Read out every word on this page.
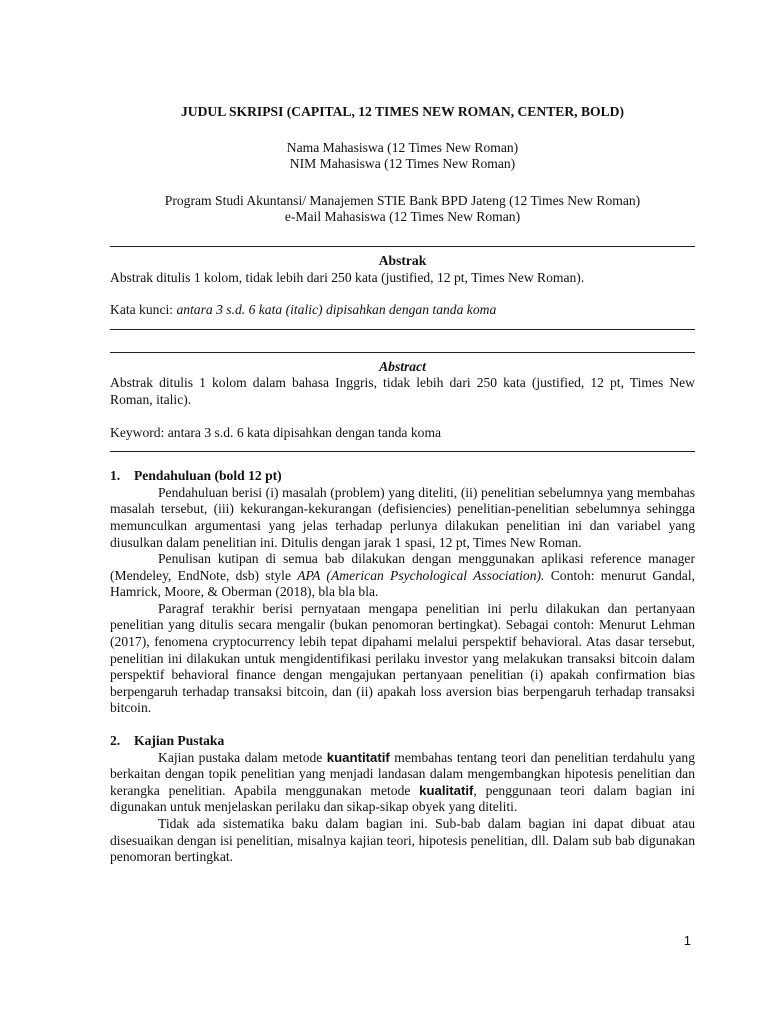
JUDUL SKRIPSI (CAPITAL, 12 TIMES NEW ROMAN, CENTER, BOLD)

Nama Mahasiswa (12 Times New Roman)

NIM Mahasiswa (12 Times New Roman)

Program Studi Akuntansi/ Manajemen STIE Bank BPD Jateng (12 Times New Roman)

e-Mail Mahasiswa (12 Times New Roman)

Abstrak

Abstrak ditulis 1 kolom, tidak lebih dari 250 kata (justified, 12 pt, Times New Roman).

Kata kunci: antara 3 s.d. 6 kata (italic) dipisahkan dengan tanda koma

Abstract

Abstrak ditulis 1 kolom dalam bahasa Inggris, tidak lebih dari 250 kata (justified, 12 pt, Times New Roman, italic).

Keyword: antara 3 s.d. 6 kata dipisahkan dengan tanda koma

1. Pendahuluan (bold 12 pt)

Pendahuluan berisi (i) masalah (problem) yang diteliti, (ii) penelitian sebelumnya yang membahas masalah tersebut, (iii) kekurangan-kekurangan (defisiencies) penelitian-penelitian sebelumnya sehingga memunculkan argumentasi yang jelas terhadap perlunya dilakukan penelitian ini dan variabel yang diusulkan dalam penelitian ini. Ditulis dengan jarak 1 spasi, 12 pt, Times New Roman.

Penulisan kutipan di semua bab dilakukan dengan menggunakan aplikasi reference manager (Mendeley, EndNote, dsb) style APA (American Psychological Association). Contoh: menurut Gandal, Hamrick, Moore, & Oberman (2018), bla bla bla.

Paragraf terakhir berisi pernyataan mengapa penelitian ini perlu dilakukan dan pertanyaan penelitian yang ditulis secara mengalir (bukan penomoran bertingkat). Sebagai contoh: Menurut Lehman (2017), fenomena cryptocurrency lebih tepat dipahami melalui perspektif behavioral. Atas dasar tersebut, penelitian ini dilakukan untuk mengidentifikasi perilaku investor yang melakukan transaksi bitcoin dalam perspektif behavioral finance dengan mengajukan pertanyaan penelitian (i) apakah confirmation bias berpengaruh terhadap transaksi bitcoin, dan (ii) apakah loss aversion bias berpengaruh terhadap transaksi bitcoin.

2. Kajian Pustaka

Kajian pustaka dalam metode kuantitatif membahas tentang teori dan penelitian terdahulu yang berkaitan dengan topik penelitian yang menjadi landasan dalam mengembangkan hipotesis penelitian dan kerangka penelitian. Apabila menggunakan metode kualitatif, penggunaan teori dalam bagian ini digunakan untuk menjelaskan perilaku dan sikap-sikap obyek yang diteliti.

Tidak ada sistematika baku dalam bagian ini. Sub-bab dalam bagian ini dapat dibuat atau disesuaikan dengan isi penelitian, misalnya kajian teori, hipotesis penelitian, dll. Dalam sub bab digunakan penomoran bertingkat.

1
